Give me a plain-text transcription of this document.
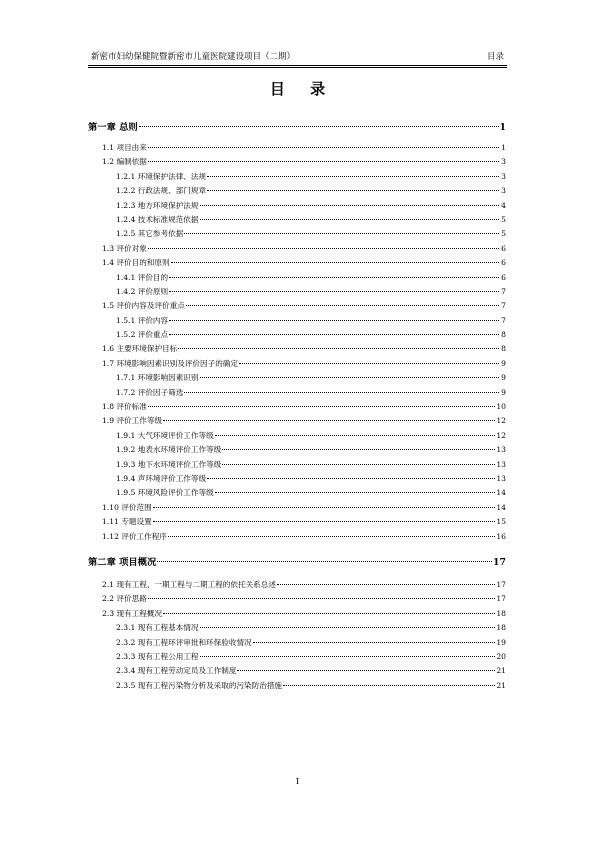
新密市妇幼保健院暨新密市儿童医院建设项目（二期）	目录
目 录
第一章 总则	1
1.1 项目由来	1
1.2 编制依据	3
1.2.1 环境保护法律、法规	3
1.2.2 行政法规、部门规章	3
1.2.3 地方环境保护法规	4
1.2.4 技术标准规范依据	5
1.2.5 其它参考依据	5
1.3 评价对象	6
1.4 评价目的和原则	6
1.4.1 评价目的	6
1.4.2 评价原则	7
1.5 评价内容及评价重点	7
1.5.1 评价内容	7
1.5.2 评价重点	8
1.6 主要环境保护目标	8
1.7 环境影响因素识别及评价因子的确定	9
1.7.1 环境影响因素识别	9
1.7.2 评价因子筛选	9
1.8 评价标准	10
1.9 评价工作等级	12
1.9.1 大气环境评价工作等级	12
1.9.2 地表水环境评价工作等级	13
1.9.3 地下水环境评价工作等级	13
1.9.4 声环境评价工作等级	13
1.9.5 环境风险评价工作等级	14
1.10 评价范围	14
1.11 专题设置	15
1.12 评价工作程序	16
第二章 项目概况	17
2.1 现有工程、一期工程与二期工程的依托关系总述	17
2.2 评价思路	17
2.3 现有工程概况	18
2.3.1 现有工程基本情况	18
2.3.2 现有工程环评审批和环保验收情况	19
2.3.3 现有工程公用工程	20
2.3.4 现有工程劳动定员及工作制度	21
2.3.5 现有工程污染物分析及采取的污染防治措施	21
I
